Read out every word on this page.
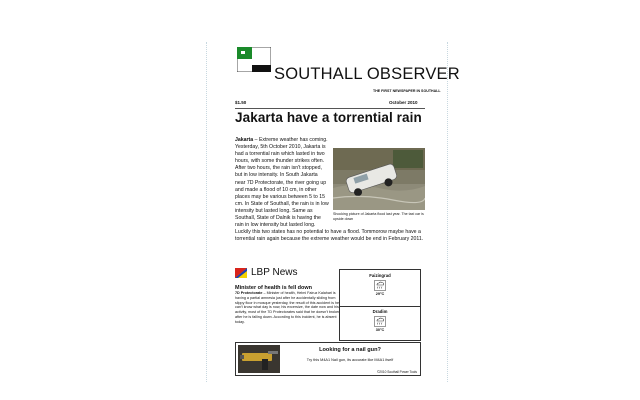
SOUTHALL OBSERVER
THE FIRST NEWSPAPER IN SOUTHALL
$1.50	October 2010
Jakarta have a torrential rain
Shocking picture of Jakarta flood last year. The taxi car is upside down
Jakarta – Extreme weather has coming. Yesterday, 5th October 2010, Jakarta is had a torrential rain which lasted in two hours, with some thunder strikes often. After two hours, the rain isn't stopped, but in low intensity. In South Jakarta near 7D Protectorate, the river going up and made a flood of 10 cm, in other places may be various between 5 to 15 cm. In State of Southall, the rain is in low intensity but lasted long. Same as Southall, State of Dalnik is having the rain in low intensity but lasted long. Luckily this two states has no potential to have a flood. Tommorow maybe have a torrential rain again because the extreme weather would be end in February 2011.
LBP News
Minister of health is fell down
7D Protectorate – Minister of health, Helmi Fairuz Kalahari is having a partial amnesia just after he accidentally sliding from slippy floor in mosque yesterday, the result of this accident is he can't know what day is now, his excersize, the date now and his activity, most of the 7D Protectorates said that he doesn't broken after he is falling down. According to this incident, he is absent today.
Faizingrad
29°C
Dradim
30°C
Looking for a nail gun?
Try this M4A1 Nail gun, its accurate like M4A1 itself
©2010 Southall Power Tools
